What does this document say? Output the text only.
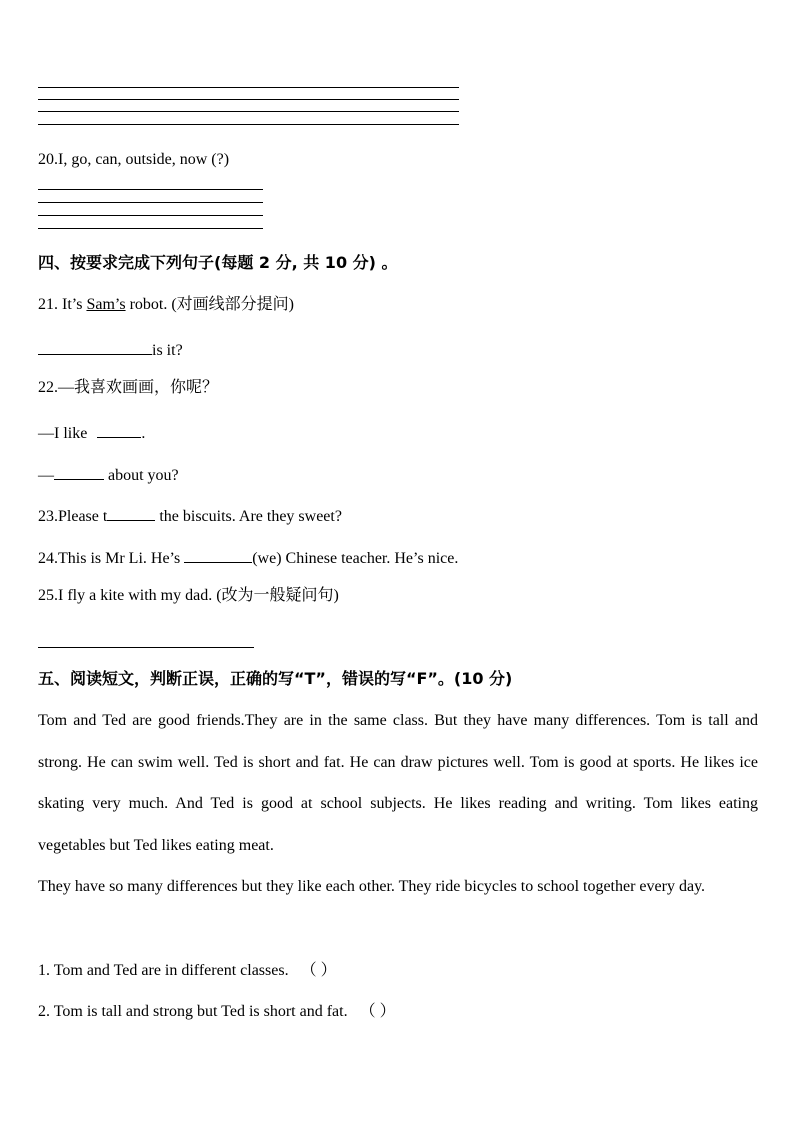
20.I, go, can, outside, now (?)
四、按要求完成下列句子(每题 2 分, 共 10 分) 。
21. It’s Sam’s robot. (对画线部分提问)
is it?
22.—我喜欢画画，你呢？
—I like	.
—	about you?
23.Please t	the biscuits. Are they sweet?
24.This is Mr Li. He’s	(we) Chinese teacher. He’s nice.
25.I fly a kite with my dad. (改为一般疑问句)
五、阅读短文，判断正误，正确的写“T”，错误的写“F”。(10 分)

Tom and Ted are good friends.They are in the same class. But they have many differences. Tom is tall and strong. He can swim well. Ted is short and fat. He can draw pictures well. Tom is good at sports. He likes ice skating very much. And Ted is good at school subjects. He likes reading and writing. Tom likes eating vegetables but Ted likes eating meat.

They have so many differences but they like each other. They ride bicycles to school together every day.

1. Tom and Ted are in different classes. （ ）
2. Tom is tall and strong but Ted is short and fat. （ ）
